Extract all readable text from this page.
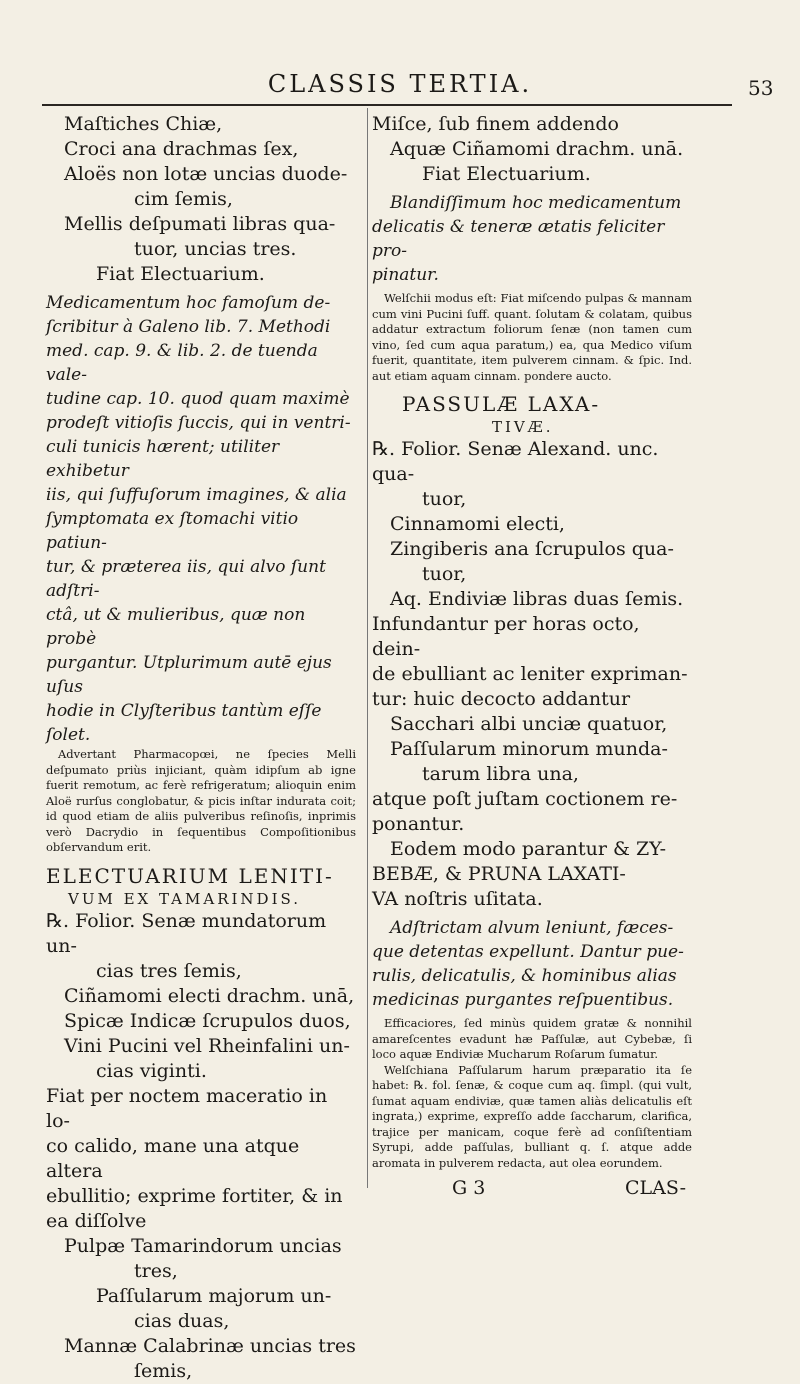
CLASSIS TERTIA.	53
Maſtiches Chiæ,
Croci ana drachmas ſex,
Aloës non lotæ uncias duode-
cim ſemis,
Mellis deſpumati libras qua-
tuor, uncias tres.
Fiat Electuarium.
Medicamentum hoc famoſum de-
ſcribitur à Galeno lib. 7. Methodi
med. cap. 9. & lib. 2. de tuenda vale-
tudine cap. 10. quod quam maximè
prodeſt vitioſis ſuccis, qui in ventri-
culi tunicis hærent; utiliter exhibetur
iis, qui ſuffuſorum imagines, & alia
ſymptomata ex ſtomachi vitio patiun-
tur, & præterea iis, qui alvo ſunt adſtri-
ctâ, ut & mulieribus, quæ non probè
purgantur. Utplurimum autē ejus uſus
hodie in Clyſteribus tantùm eſſe ſolet.
Advertant Pharmacopœi, ne ſpecies Melli deſpumato priùs injiciant, quàm idipſum ab igne fuerit remotum, ac ferè refrigeratum; alioquin enim Aloë rurſus conglobatur, & picis inſtar indurata coit; id quod etiam de aliis pulveribus reſinoſis, inprimis verò Dacrydio in ſequentibus Compoſitionibus obſervandum erit.
ELECTUARIUM LENITI-
VUM EX TAMARINDIS.
℞. Folior. Senæ mundatorum un-
cias tres ſemis,
Ciñamomi electi drachm. unā,
Spicæ Indicæ ſcrupulos duos,
Vini Pucini vel Rheinfalini un-
cias viginti.
Fiat per noctem maceratio in lo-
co calido, mane una atque altera
ebullitio; exprime fortiter, & in
ea diſſolve
Pulpæ Tamarindorum uncias
tres,
Paſſularum majorum un-
cias duas,
Mannæ Calabrinæ uncias tres
ſemis,
Miſce, ſub finem addendo
Aquæ Ciñamomi drachm. unā.
Fiat Electuarium.
Blandiſſimum hoc medicamentum
delicatis & teneræ ætatis feliciter pro-
pinatur.
Welſchii modus eſt: Fiat miſcendo pulpas & mannam cum vini Pucini ſuff. quant. ſolutam & colatam, quibus addatur extractum foliorum ſenæ (non tamen cum vino, ſed cum aqua paratum,) ea, qua Medico viſum fuerit, quantitate, item pulverem cinnam. & ſpic. Ind. aut etiam aquam cinnam. pondere aucto.
PASSULÆ LAXA-
TIVÆ.
℞. Folior. Senæ Alexand. unc. qua-
tuor,
Cinnamomi electi,
Zingiberis ana ſcrupulos qua-
tuor,
Aq. Endiviæ libras duas ſemis.
Infundantur per horas octo, dein-
de ebulliant ac leniter expriman-
tur: huic decocto addantur
Sacchari albi unciæ quatuor,
Paſſularum minorum munda-
tarum libra una,
atque poſt juſtam coctionem re-
ponantur.
Eodem modo parantur & ZY-
BEBÆ, & PRUNA LAXATI-
VA noſtris uſitata.
Adſtrictam alvum leniunt, fæces-
que detentas expellunt. Dantur pue-
rulis, delicatulis, & hominibus alias
medicinas purgantes reſpuentibus.
Efficaciores, ſed minùs quidem gratæ & nonnihil amareſcentes evadunt hæ Paſſulæ, aut Cybebæ, ſi loco aquæ Endiviæ Mucharum Roſarum ſumatur.
Welſchiana Paſſularum harum præparatio ita ſe habet: ℞. fol. ſenæ, & coque cum aq. ſimpl. (qui vult, ſumat aquam endiviæ, quæ tamen aliàs delicatulis eſt ingrata,) exprime, expreſſo adde ſaccharum, clarifica, trajice per manicam, coque ferè ad conſiſtentiam Syrupi, adde paſſulas, bulliant q. ſ. atque adde aromata in pulverem redacta, aut olea eorundem.
G 3	CLAS-
